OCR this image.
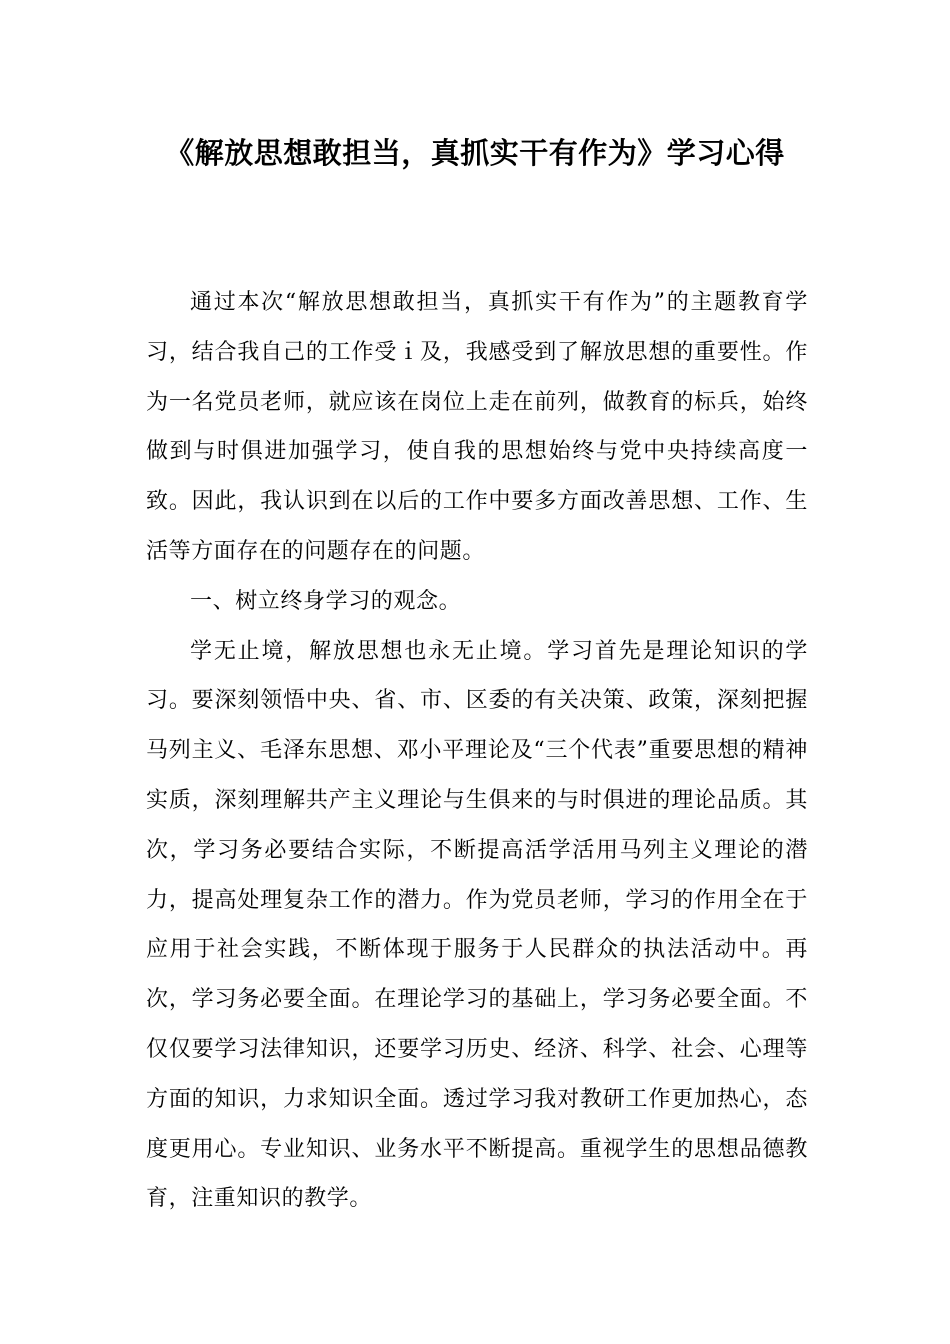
《解放思想敢担当，真抓实干有作为》学习心得

通过本次“解放思想敢担当，真抓实干有作为”的主题教育学习，结合我自己的工作受ｉ及，我感受到了解放思想的重要性。作为一名党员老师，就应该在岗位上走在前列，做教育的标兵，始终做到与时俱进加强学习，使自我的思想始终与党中央持续高度一致。因此，我认识到在以后的工作中要多方面改善思想、工作、生活等方面存在的问题存在的问题。

一、树立终身学习的观念。

学无止境，解放思想也永无止境。学习首先是理论知识的学习。要深刻领悟中央、省、市、区委的有关决策、政策，深刻把握马列主义、毛泽东思想、邓小平理论及“三个代表”重要思想的精神实质，深刻理解共产主义理论与生俱来的与时俱进的理论品质。其次，学习务必要结合实际，不断提高活学活用马列主义理论的潜力，提高处理复杂工作的潜力。作为党员老师，学习的作用全在于应用于社会实践，不断体现于服务于人民群众的执法活动中。再次，学习务必要全面。在理论学习的基础上，学习务必要全面。不仅仅要学习法律知识，还要学习历史、经济、科学、社会、心理等方面的知识，力求知识全面。透过学习我对教研工作更加热心，态度更用心。专业知识、业务水平不断提高。重视学生的思想品德教育，注重知识的教学。
